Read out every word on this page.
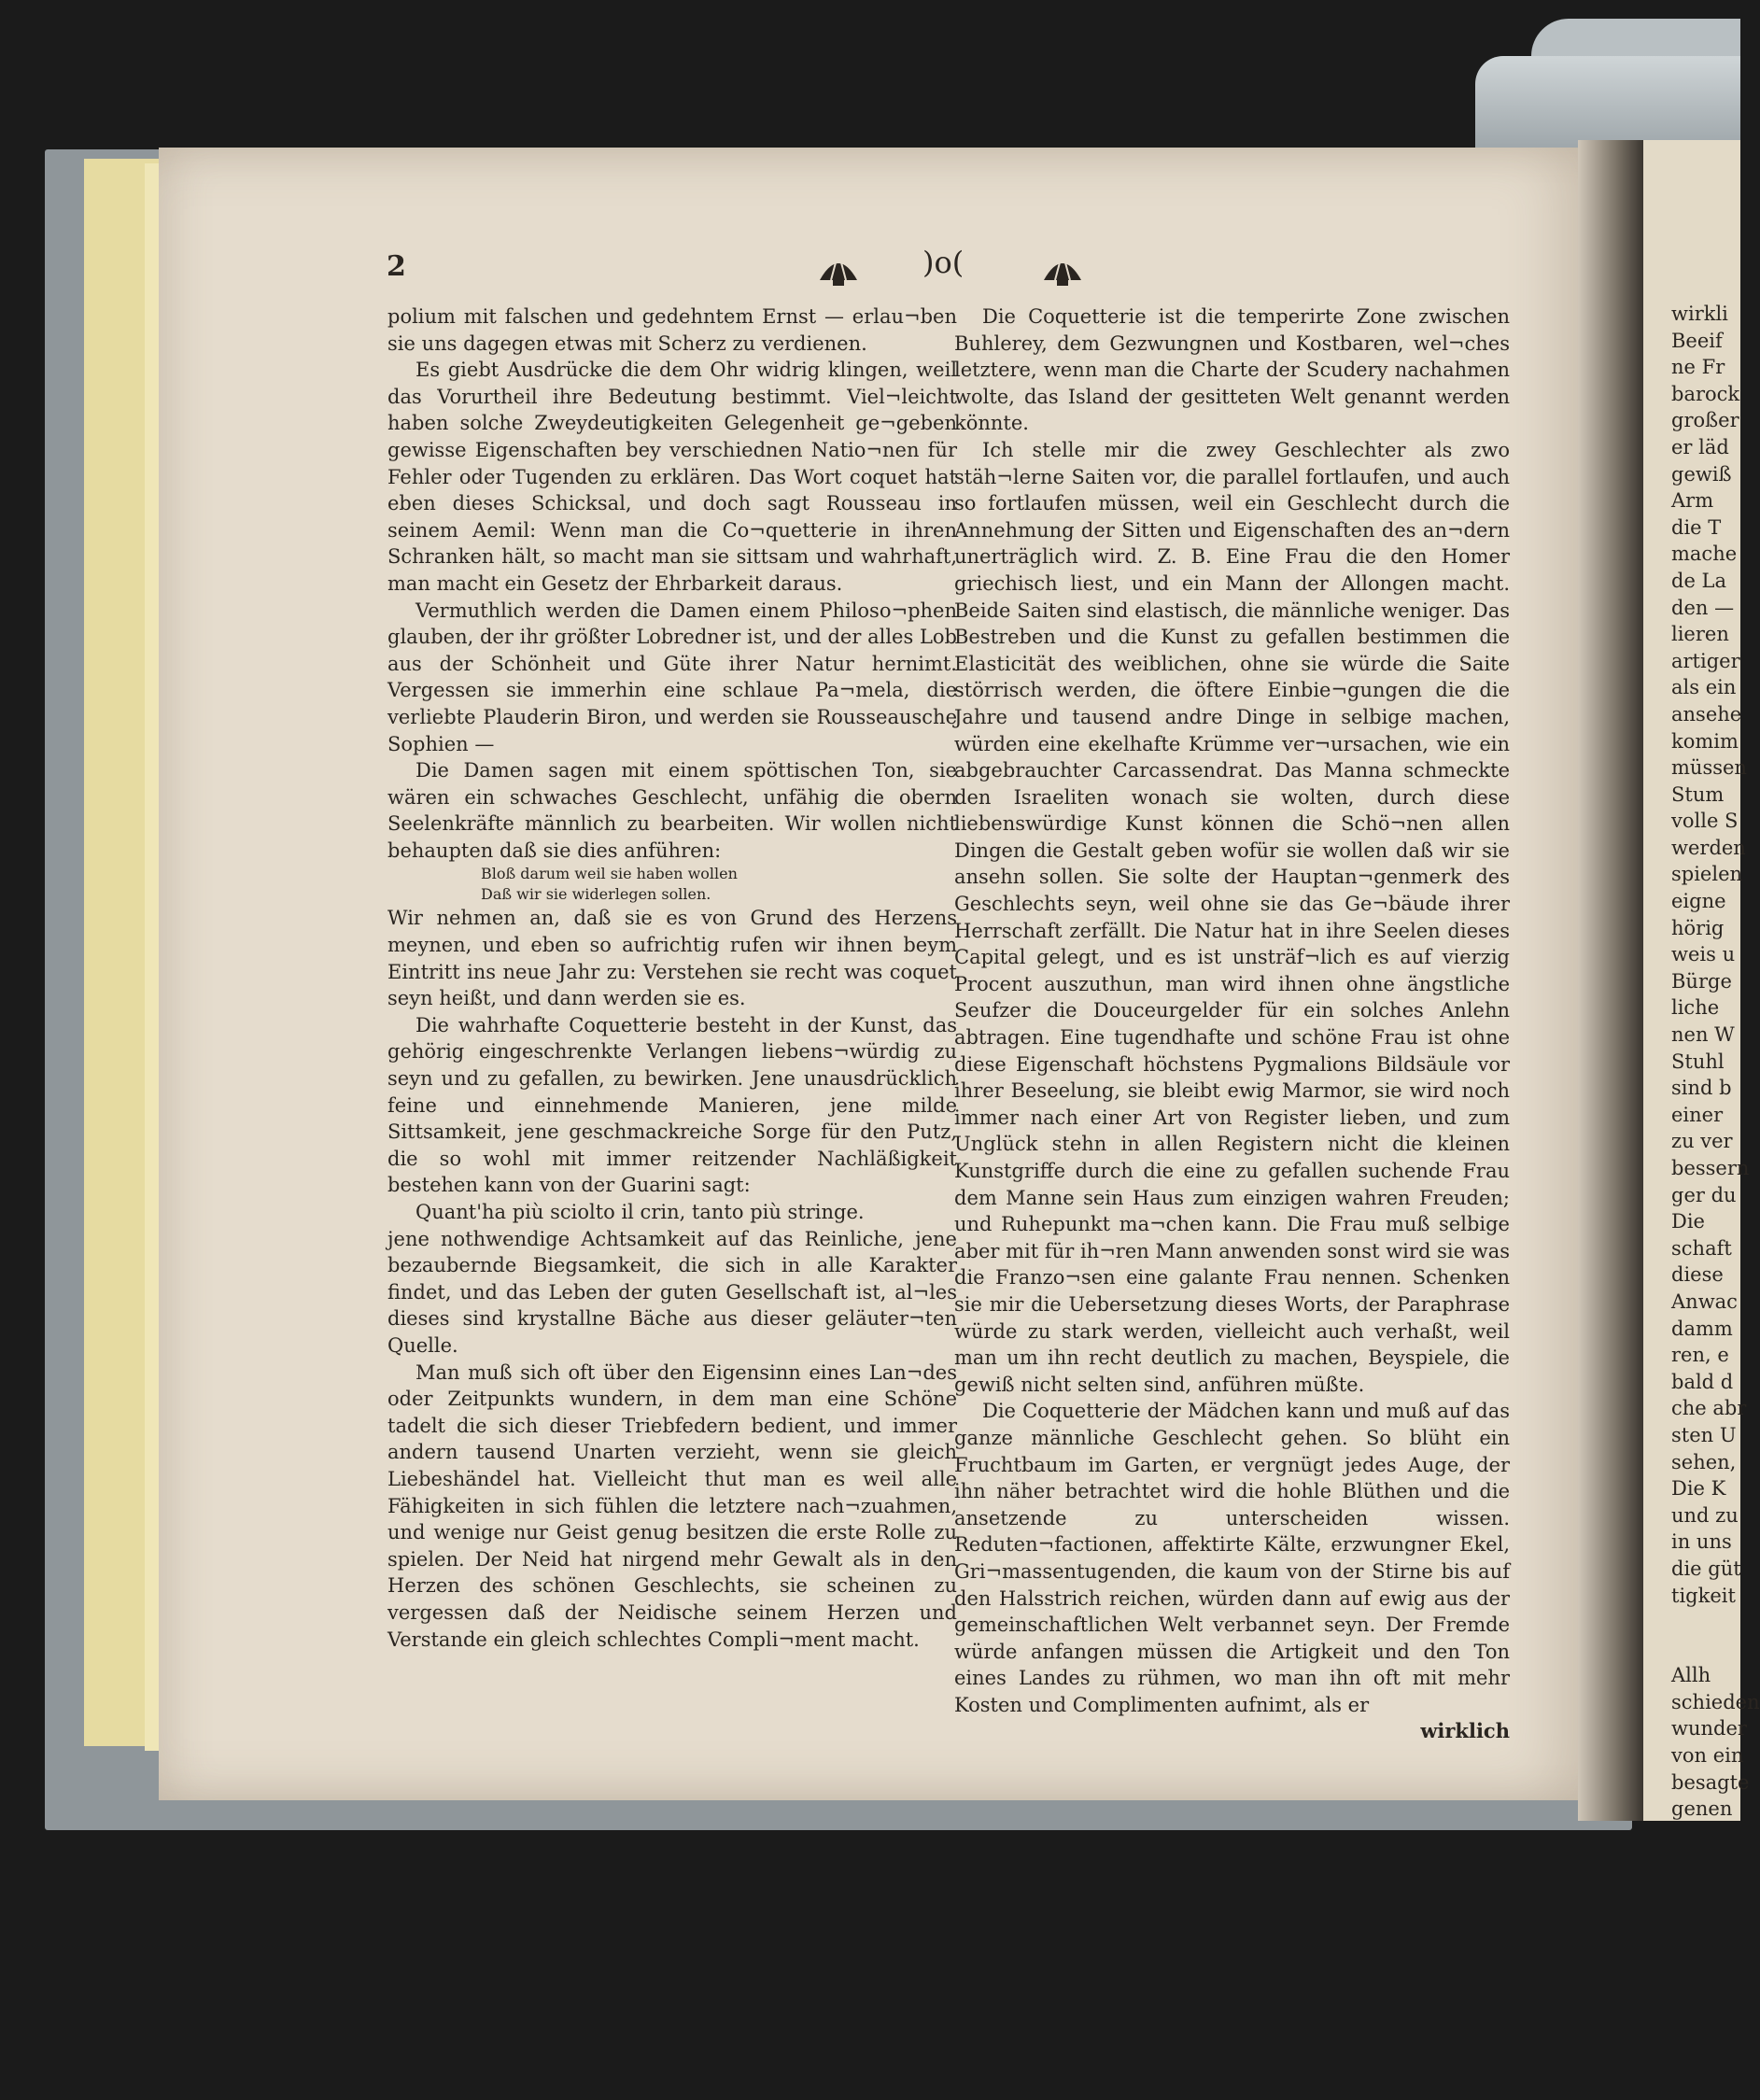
2	)o(

polium mit falschen und gedehntem Ernst — erlau¬ben sie uns dagegen etwas mit Scherz zu verdienen.

Es giebt Ausdrücke die dem Ohr widrig klingen, weil das Vorurtheil ihre Bedeutung bestimmt. Viel¬leicht haben solche Zweydeutigkeiten Gelegenheit ge¬geben gewisse Eigenschaften bey verschiednen Natio¬nen für Fehler oder Tugenden zu erklären. Das Wort coquet hat eben dieses Schicksal, und doch sagt Rousseau in seinem Aemil: Wenn man die Co¬quetterie in ihren Schranken hält, so macht man sie sittsam und wahrhaft, man macht ein Gesetz der Ehrbarkeit daraus.

Vermuthlich werden die Damen einem Philoso¬phen glauben, der ihr größter Lobredner ist, und der alles Lob aus der Schönheit und Güte ihrer Natur hernimt. Vergessen sie immerhin eine schlaue Pa¬mela, die verliebte Plauderin Biron, und werden sie Rousseausche Sophien —

Die Damen sagen mit einem spöttischen Ton, sie wären ein schwaches Geschlecht, unfähig die obern Seelenkräfte männlich zu bearbeiten. Wir wollen nicht behaupten daß sie dies anführen:

Bloß darum weil sie haben wollen

Daß wir sie widerlegen sollen.

Wir nehmen an, daß sie es von Grund des Herzens meynen, und eben so aufrichtig rufen wir ihnen beym Eintritt ins neue Jahr zu: Verstehen sie recht was coquet seyn heißt, und dann werden sie es.

Die wahrhafte Coquetterie besteht in der Kunst, das gehörig eingeschrenkte Verlangen liebens¬würdig zu seyn und zu gefallen, zu bewirken. Jene unausdrücklich feine und einnehmende Manieren, jene milde Sittsamkeit, jene geschmackreiche Sorge für den Putz, die so wohl mit immer reitzender Nachläßigkeit bestehen kann von der Guarini sagt:

Quant'ha più sciolto il crin, tanto più stringe.

jene nothwendige Achtsamkeit auf das Reinliche, jene bezaubernde Biegsamkeit, die sich in alle Karakter findet, und das Leben der guten Gesellschaft ist, al¬les dieses sind krystallne Bäche aus dieser geläuter¬ten Quelle.

Man muß sich oft über den Eigensinn eines Lan¬des oder Zeitpunkts wundern, in dem man eine Schöne tadelt die sich dieser Triebfedern bedient, und immer andern tausend Unarten verzieht, wenn sie gleich Liebeshändel hat. Vielleicht thut man es weil alle Fähigkeiten in sich fühlen die letztere nach¬zuahmen, und wenige nur Geist genug besitzen die erste Rolle zu spielen. Der Neid hat nirgend mehr Gewalt als in den Herzen des schönen Geschlechts, sie scheinen zu vergessen daß der Neidische seinem Herzen und Verstande ein gleich schlechtes Compli¬ment macht.

Die Coquetterie ist die temperirte Zone zwischen Buhlerey, dem Gezwungnen und Kostbaren, wel¬ches letztere, wenn man die Charte der Scudery nachahmen wolte, das Island der gesitteten Welt genannt werden könnte.

Ich stelle mir die zwey Geschlechter als zwo stäh¬lerne Saiten vor, die parallel fortlaufen, und auch so fortlaufen müssen, weil ein Geschlecht durch die Annehmung der Sitten und Eigenschaften des an¬dern unerträglich wird. Z. B. Eine Frau die den Homer griechisch liest, und ein Mann der Allongen macht. Beide Saiten sind elastisch, die männliche weniger. Das Bestreben und die Kunst zu gefallen bestimmen die Elasticität des weiblichen, ohne sie würde die Saite störrisch werden, die öftere Einbie¬gungen die die Jahre und tausend andre Dinge in selbige machen, würden eine ekelhafte Krümme ver¬ursachen, wie ein abgebrauchter Carcassendrat. Das Manna schmeckte den Israeliten wonach sie wolten, durch diese liebenswürdige Kunst können die Schö¬nen allen Dingen die Gestalt geben wofür sie wollen daß wir sie ansehn sollen. Sie solte der Hauptan¬genmerk des Geschlechts seyn, weil ohne sie das Ge¬bäude ihrer Herrschaft zerfällt. Die Natur hat in ihre Seelen dieses Capital gelegt, und es ist unsträf¬lich es auf vierzig Procent auszuthun, man wird ihnen ohne ängstliche Seufzer die Douceurgelder für ein solches Anlehn abtragen. Eine tugendhafte und schöne Frau ist ohne diese Eigenschaft höchstens Pygmalions Bildsäule vor ihrer Beseelung, sie bleibt ewig Marmor, sie wird noch immer nach einer Art von Register lieben, und zum Unglück stehn in allen Registern nicht die kleinen Kunstgriffe durch die eine zu gefallen suchende Frau dem Manne sein Haus zum einzigen wahren Freuden; und Ruhepunkt ma¬chen kann. Die Frau muß selbige aber mit für ih¬ren Mann anwenden sonst wird sie was die Franzo¬sen eine galante Frau nennen. Schenken sie mir die Uebersetzung dieses Worts, der Paraphrase würde zu stark werden, vielleicht auch verhaßt, weil man um ihn recht deutlich zu machen, Beyspiele, die gewiß nicht selten sind, anführen müßte.

Die Coquetterie der Mädchen kann und muß auf das ganze männliche Geschlecht gehen. So blüht ein Fruchtbaum im Garten, er vergnügt jedes Auge, der ihn näher betrachtet wird die hohle Blüthen und die ansetzende zu unterscheiden wissen. Reduten¬factionen, affektirte Kälte, erzwungner Ekel, Gri¬massentugenden, die kaum von der Stirne bis auf den Halsstrich reichen, würden dann auf ewig aus der gemeinschaftlichen Welt verbannet seyn. Der Fremde würde anfangen müssen die Artigkeit und den Ton eines Landes zu rühmen, wo man ihn oft mit mehr Kosten und Complimenten aufnimt, als er

wirklich

wirkli
Beeif
ne Fr
barock
großer
er läd
gewiß
Arm
die T
mache
de La
den —
lieren
artiger
als ein
ansehe
komim
müssen
Stum
volle S
werden
spielen
eigne
hörig
weis u
Bürge
liche
nen W
Stuhl
sind b
einer
zu ver
bessern
ger du
Die
schaft
diese
Anwac
damm
ren, e
bald d
che abr
sten U
sehen,
Die K
und zu
in uns
die güt
tigkeit
Allh
schieden
wunder
von ein
besagte
genen
